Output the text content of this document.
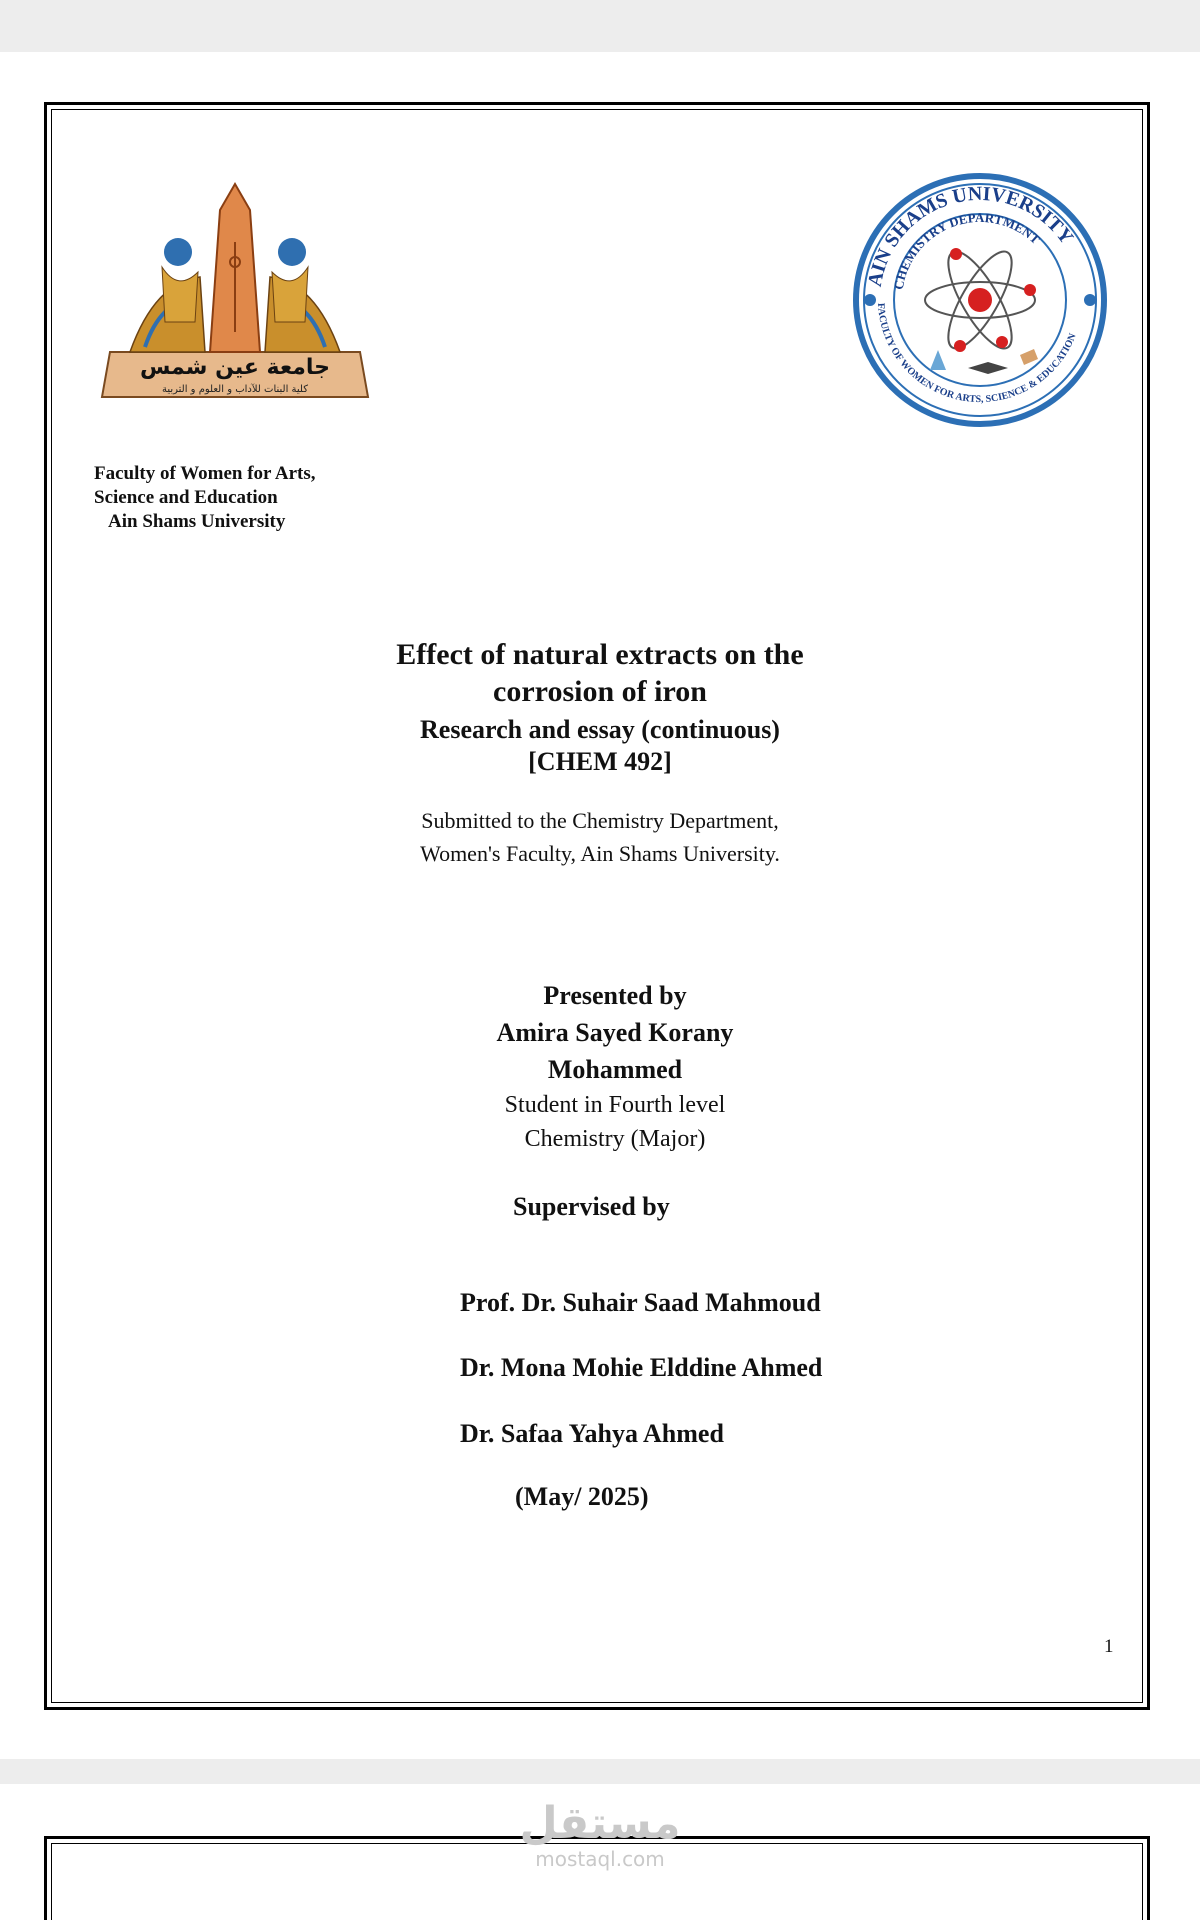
جامعة عين شمس
كلية البنات للآداب و العلوم و التربية
AIN SHAMS UNIVERSITY
CHEMISTRY DEPARTMENT
FACULTY OF WOMEN FOR ARTS, SCIENCE & EDUCATION
Faculty of Women for Arts,
Science and Education
Ain Shams University
Effect of natural extracts on the
corrosion of iron
Research and essay (continuous)
[CHEM 492]
Submitted to the Chemistry Department,
Women's Faculty, Ain Shams University.
Presented by
Amira Sayed Korany
Mohammed
Student in Fourth level
Chemistry (Major)
Supervised by
Prof. Dr. Suhair Saad Mahmoud
Dr. Mona Mohie Elddine Ahmed
Dr. Safaa Yahya Ahmed
(May/ 2025)
1
مستقل
mostaql.com
